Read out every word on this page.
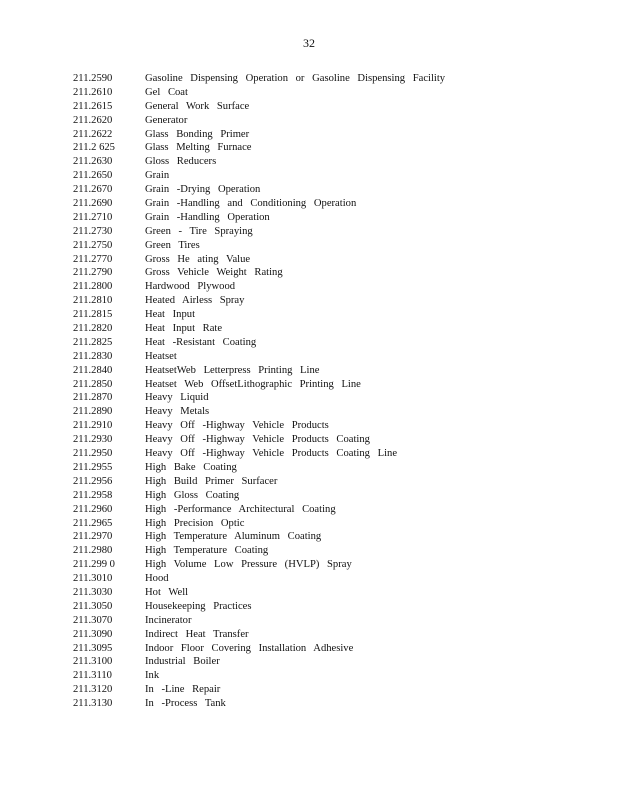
32
211.2590	Gasoline Dispensing Operation or Gasoline Dispensing Facility
211.2610	Gel Coat
211.2615	General Work Surface
211.2620	Generator
211.2622	Glass Bonding Primer
211.2 625	Glass Melting Furnace
211.2630	Gloss Reducers
211.2650	Grain
211.2670	Grain -Drying Operation
211.2690	Grain -Handling and Conditioning Operation
211.2710	Grain -Handling Operation
211.2730	Green - Tire Spraying
211.2750	Green Tires
211.2770	Gross He ating Value
211.2790	Gross Vehicle Weight Rating
211.2800	Hardwood Plywood
211.2810	Heated Airless Spray
211.2815	Heat Input
211.2820	Heat Input Rate
211.2825	Heat -Resistant Coating
211.2830	Heatset
211.2840	HeatsetWeb Letterpress Printing Line
211.2850	Heatset Web OffsetLithographic Printing Line
211.2870	Heavy Liquid
211.2890	Heavy Metals
211.2910	Heavy Off -Highway Vehicle Products
211.2930	Heavy Off -Highway Vehicle Products Coating
211.2950	Heavy Off -Highway Vehicle Products Coating Line
211.2955	High Bake Coating
211.2956	High Build Primer Surfacer
211.2958	High Gloss Coating
211.2960	High -Performance Architectural Coating
211.2965	High Precision Optic
211.2970	High Temperature Aluminum Coating
211.2980	High Temperature Coating
211.299 0	High Volume Low Pressure (HVLP) Spray
211.3010	Hood
211.3030	Hot Well
211.3050	Housekeeping Practices
211.3070	Incinerator
211.3090	Indirect Heat Transfer
211.3095	Indoor Floor Covering Installation Adhesive
211.3100	Industrial Boiler
211.3110	Ink
211.3120	In -Line Repair
211.3130	In -Process Tank
